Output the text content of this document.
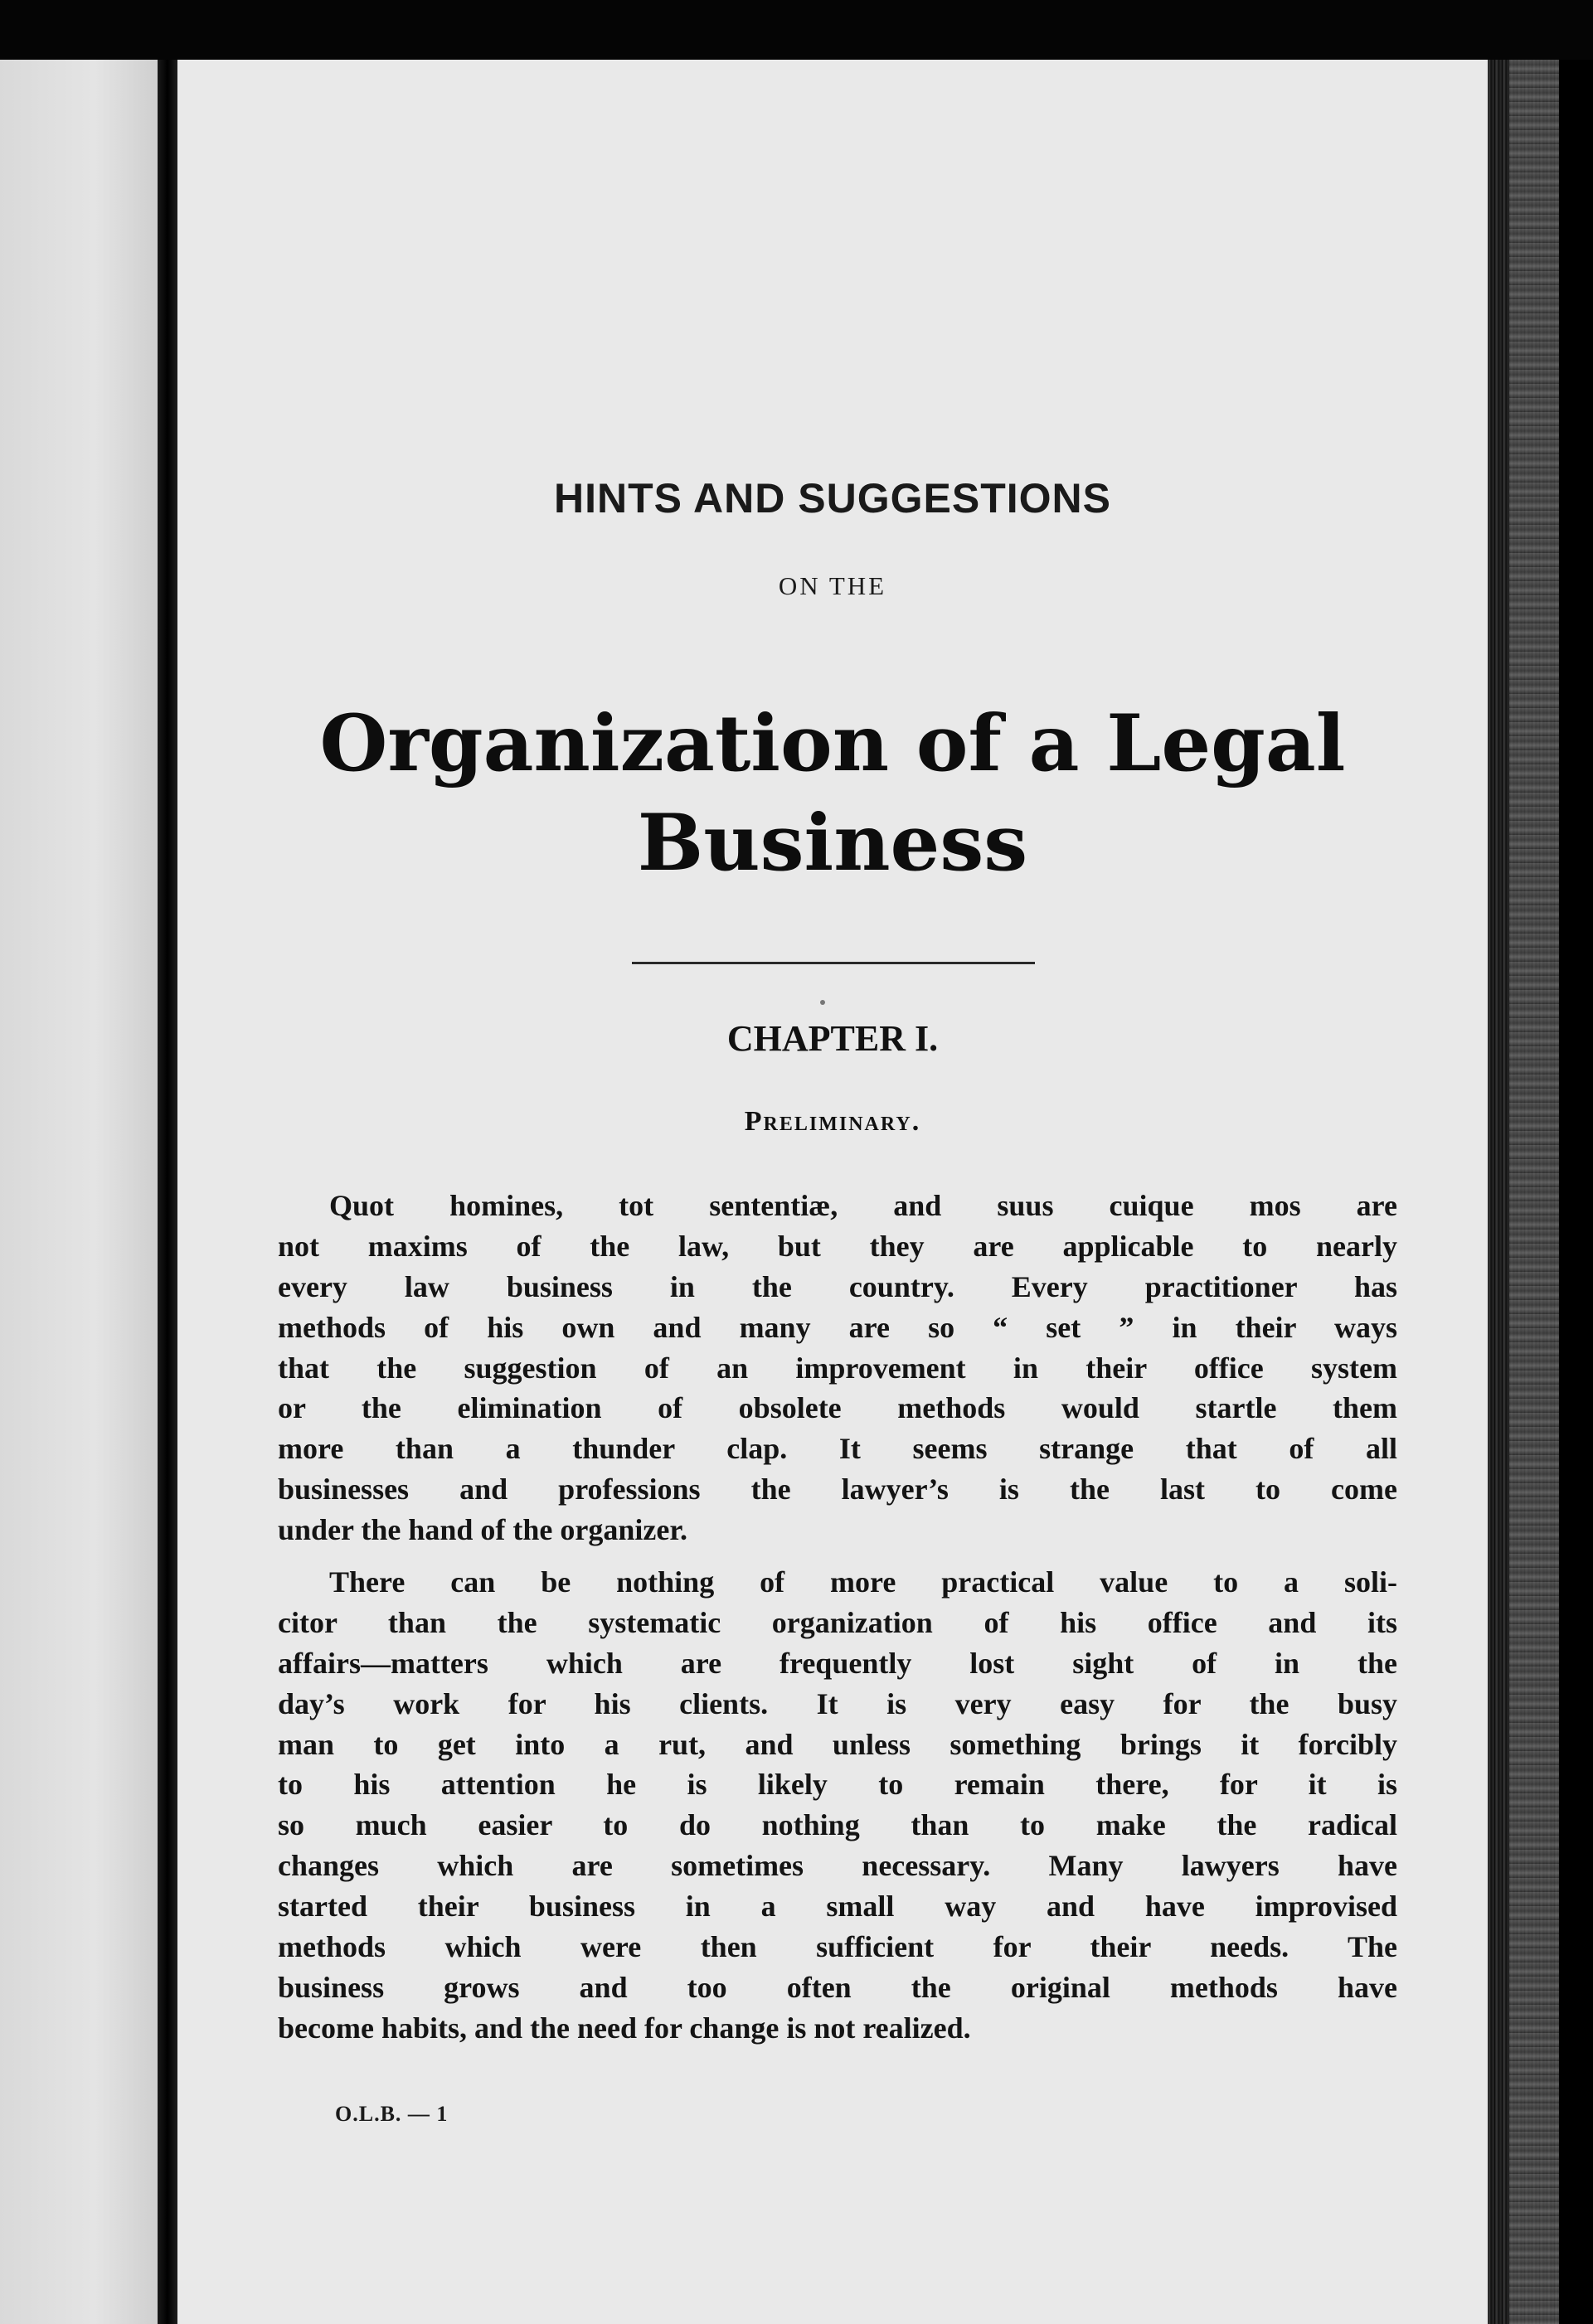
HINTS AND SUGGESTIONS
ON THE
Organization of a Legal
Business
CHAPTER I.
Preliminary.
Quot homines, tot sententiæ, and suus cuique mos are
not maxims of the law, but they are applicable to nearly
every law business in the country. Every practitioner has
methods of his own and many are so “ set ” in their ways
that the suggestion of an improvement in their office system
or the elimination of obsolete methods would startle them
more than a thunder clap. It seems strange that of all
businesses and professions the lawyer’s is the last to come
under the hand of the organizer.
There can be nothing of more practical value to a soli-
citor than the systematic organization of his office and its
affairs—matters which are frequently lost sight of in the
day’s work for his clients. It is very easy for the busy
man to get into a rut, and unless something brings it forcibly
to his attention he is likely to remain there, for it is
so much easier to do nothing than to make the radical
changes which are sometimes necessary. Many lawyers have
started their business in a small way and have improvised
methods which were then sufficient for their needs. The
business grows and too often the original methods have
become habits, and the need for change is not realized.
O.L.B. — 1
